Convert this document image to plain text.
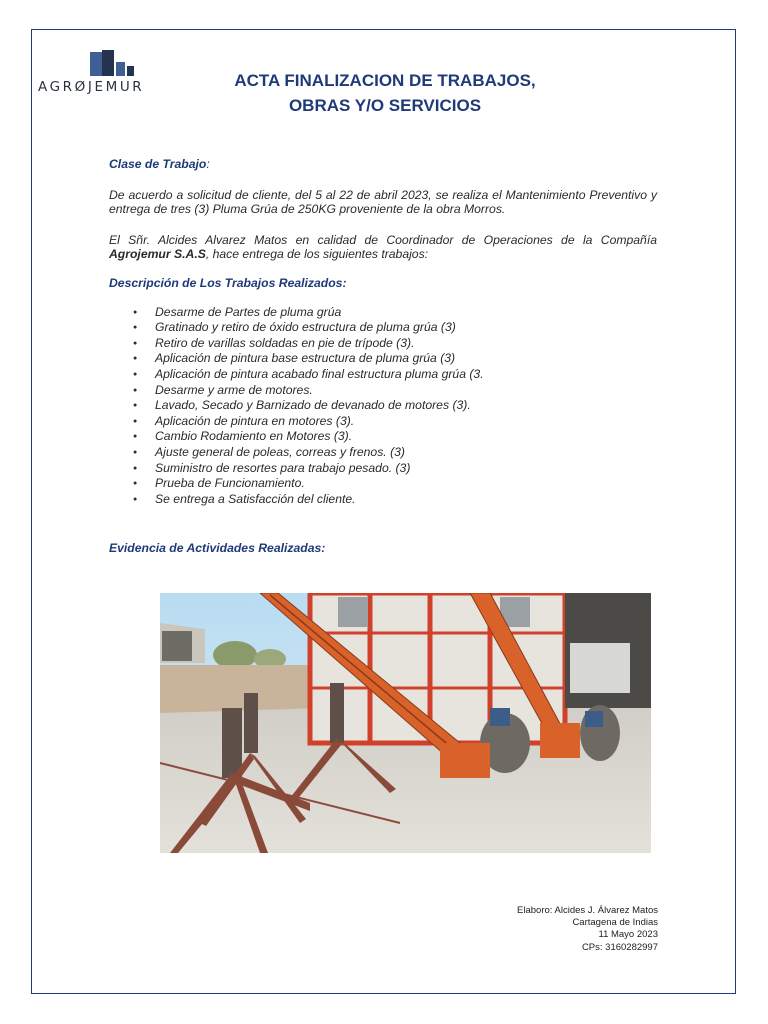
AGRØJEMUR	ACTA FINALIZACION DE TRABAJOS,
OBRAS Y/O SERVICIOS

Clase de Trabajo:

De acuerdo a solicitud de cliente, del 5 al 22 de abril 2023, se realiza el Mantenimiento Preventivo y entrega de tres (3) Pluma Grúa de 250KG proveniente de la obra Morros.

El Sñr. Alcides Alvarez Matos en calidad de Coordinador de Operaciones de la Compañía Agrojemur S.A.S, hace entrega de los siguientes trabajos:

Descripción de Los Trabajos Realizados:

● Desarme de Partes de pluma grúa
● Gratinado y retiro de óxido estructura de pluma grúa (3)
● Retiro de varillas soldadas en pie de trípode (3).
● Aplicación de pintura base estructura de pluma grúa (3)
● Aplicación de pintura acabado final estructura pluma grúa (3.
● Desarme y arme de motores.
● Lavado, Secado y Barnizado de devanado de motores (3).
● Aplicación de pintura en motores (3).
● Cambio Rodamiento en Motores (3).
● Ajuste general de poleas, correas y frenos. (3)
● Suministro de resortes para trabajo pesado. (3)
● Prueba de Funcionamiento.
● Se entrega a Satisfacción del cliente.

Evidencia de Actividades Realizadas:

Elaboro: Alcides J. Álvarez Matos
Cartagena de Indias
11 Mayo 2023
CPs: 3160282997
